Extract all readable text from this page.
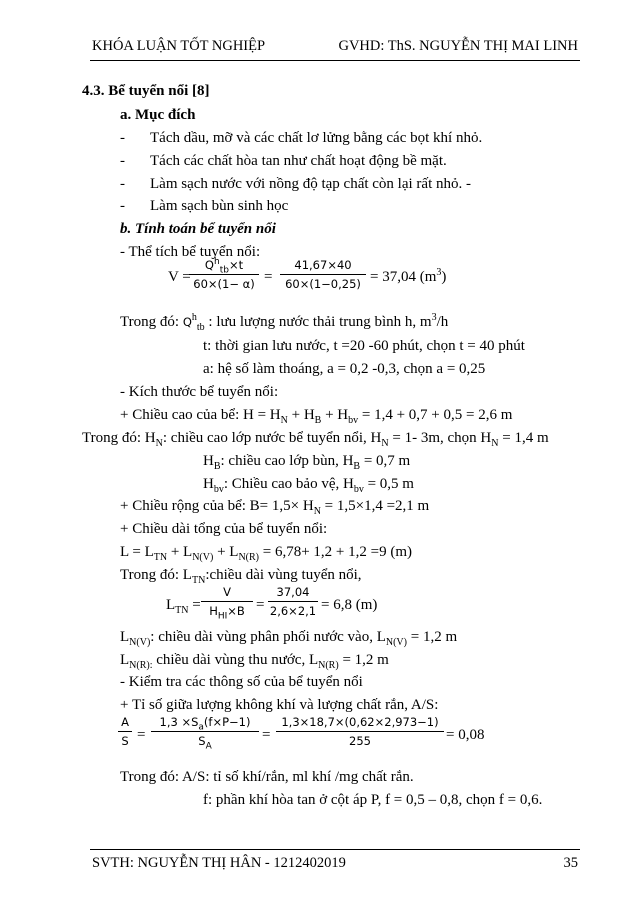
KHÓA LUẬN TỐT NGHIỆP	GVHD: ThS. NGUYỄN THỊ MAI LINH
4.3. Bể tuyển nổi [8]
a. Mục đích
- Tách dầu, mỡ và các chất lơ lửng bằng các bọt khí nhỏ.
- Tách các chất hòa tan như chất hoạt động bề mặt.
- Làm sạch nước với nồng độ tạp chất còn lại rất nhỏ. -
- Làm sạch bùn sinh học
b. Tính toán bể tuyển nổi
- Thể tích bể tuyển nổi:
V =
$Q^h_{tb}\times t$
60×(1− α) =
41,67×40
60×(1−0,25) = 37,04 $(m^3)$
Trong đó: $Q^h_{tb}$ : lưu lượng nước thải trung bình h, $m^3/h$
t: thời gian lưu nước, t =20 -60 phút, chọn t = 40 phút
a: hệ số làm thoáng, a = 0,2 -0,3, chọn a = 0,25
- Kích thước bể tuyển nổi:
+ Chiều cao của bể: $H = H_N + H_B + H_{bv} = 1,4 + 0,7 + 0,5 = 2,6$ m
Trong đó: $H_N$: chiều cao lớp nước bể tuyển nổi, $H_N = 1-$ 3m, chọn $H_N = 1,4$ m
$H_B$: chiều cao lớp bùn, $H_B = 0,7$ m
$H_{bv}$: Chiều cao bảo vệ, $H_{bv} = 0,5$ m
+ Chiều rộng của bể: $B= 1,5\times H_N = 1,5\times 1,4 =2,1$ m
+ Chiều dài tổng của bể tuyển nổi:
$L = L_{TN} + L_{N(V)} + L_{N(R)} = 6,78+ 1,2 + 1,2 =9$ (m)
Trong đó: $L_{TN}:chiều$ dài vùng tuyển nổi,
$L_{TN}$ =
V
$H_{HI}\times B$ =
37,04
2,6×2,1 = 6,8 (m)
$L_{N(V)}$: chiều dài vùng phân phối nước vào, $L_{N(V)} = 1,2$ m
$L_{N(R):}$ chiều dài vùng thu nước, $L_{N(R)} = 1,2$ m
- Kiểm tra các thông số của bể tuyển nổi
+ Tỉ số giữa lượng không khí và lượng chất rắn, A/S:
A
S =
$1,3 \times S_a(f\times P-1)$
$S_A$
=
1,3×18,7×(0,62×2,973−1)
255	= 0,08
Trong đó: A/S: tỉ số khí/rắn, ml khí /mg chất rắn.
f: phần khí hòa tan ở cột áp P, f = 0,5 – 0,8, chọn f = 0,6.
SVTH: NGUYỄN THỊ HÂN - 1212402019	35
